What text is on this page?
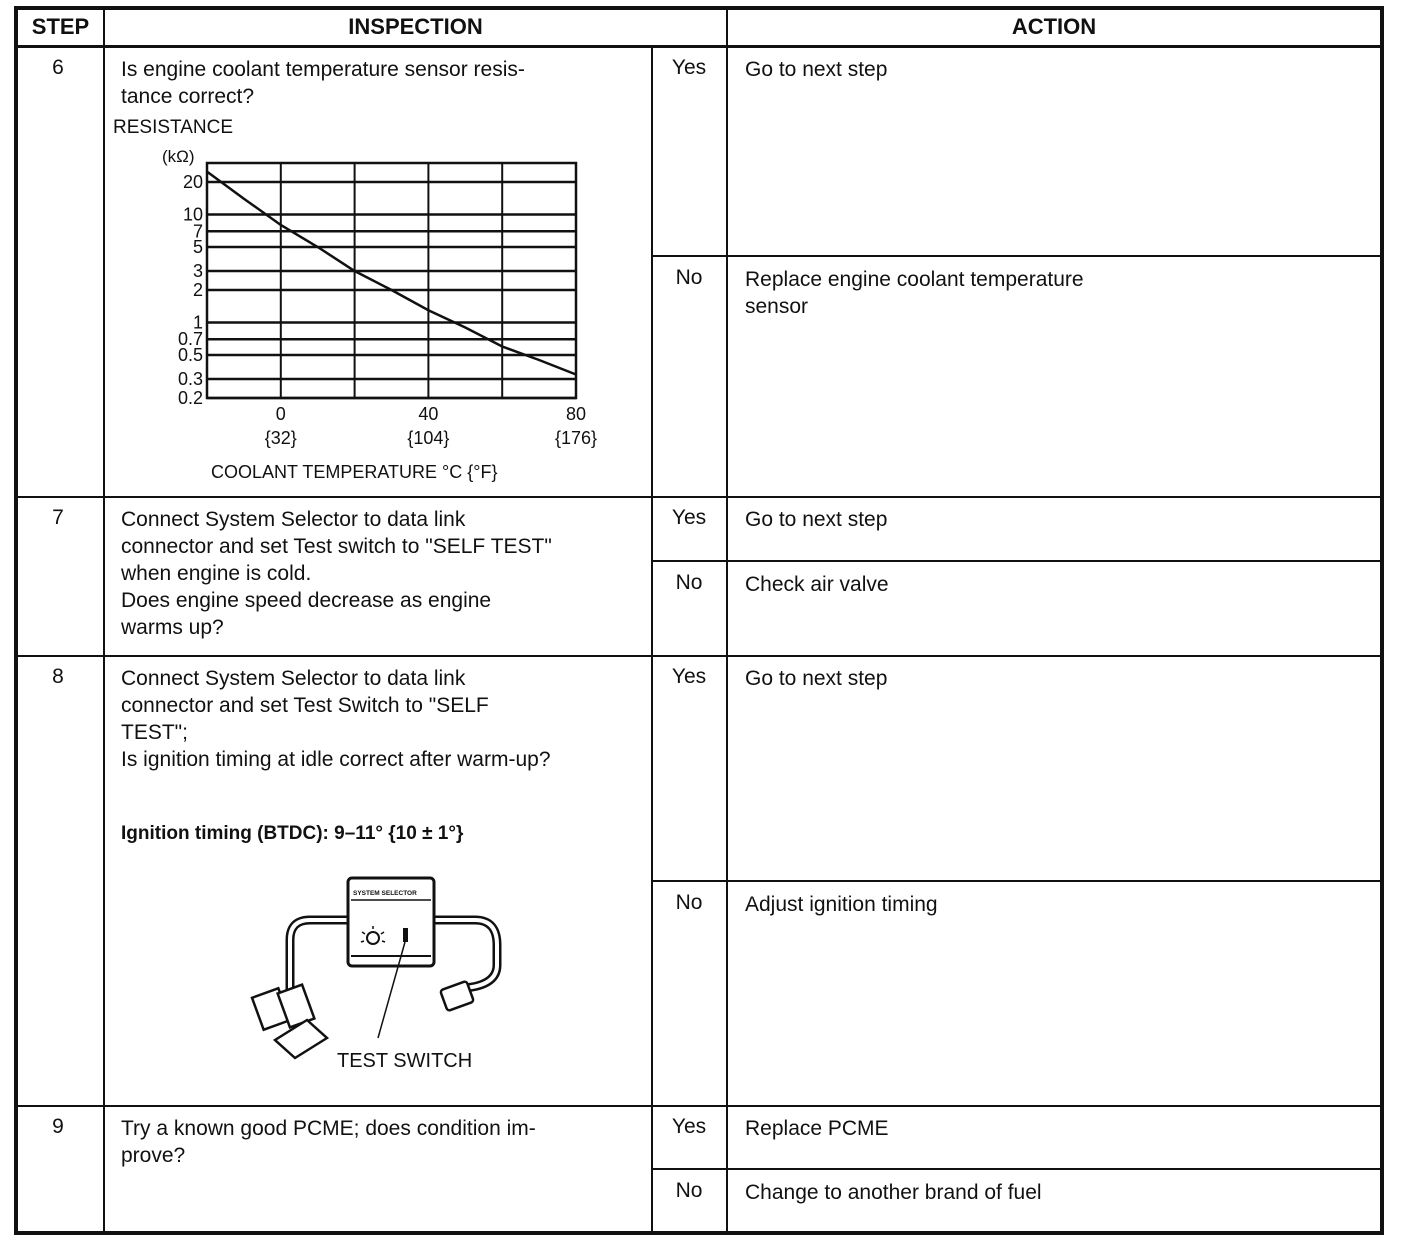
STEP	INSPECTION	ACTION
6
7
8
9
Is engine coolant temperature sensor resis-
tance correct?
RESISTANCE
Connect System Selector to data link
connector and set Test switch to "SELF TEST"
when engine is cold.
Does engine speed decrease as engine
warms up?
Connect System Selector to data link
connector and set Test Switch to "SELF
TEST";
Is ignition timing at idle correct after warm-up?
Ignition timing (BTDC): 9–11° {10 ± 1°}
Try a known good PCME; does condition im-
prove?
Yes
No
Yes
No
Yes
No
Yes
No
Go to next step
Replace engine coolant temperature
sensor
Go to next step
Check air valve
Go to next step
Adjust ignition timing
Replace PCME
Change to another brand of fuel
(kΩ)
20
10
7
5
3
2
1
0.7
0.5
0.3
0.2
0
{32}
40
{104}
80
{176}
COOLANT TEMPERATURE °C {°F}
SYSTEM SELECTOR
TEST SWITCH
